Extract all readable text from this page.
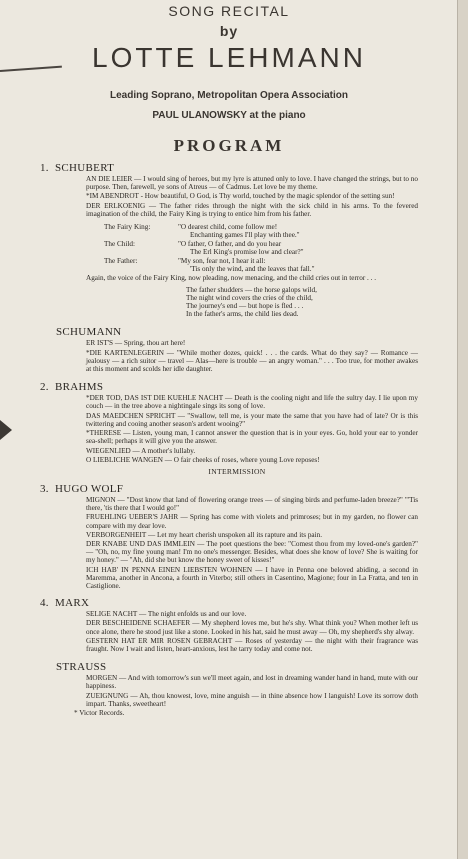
SONG RECITAL
by
LOTTE LEHMANN
Leading Soprano, Metropolitan Opera Association
PAUL ULANOWSKY at the piano
PROGRAM
1. SCHUBERT
AN DIE LEIER — I would sing of heroes, but my lyre is attuned only to love. I have changed the strings, but to no purpose. Then, farewell, ye sons of Atreus — of Cadmus. Let love be my theme.
*IM ABENDROT - How beautiful, O God, is Thy world, touched by the magic splendor of the setting sun!
DER ERLKOENIG — The father rides through the night with the sick child in his arms. To the fevered imagination of the child, the Fairy King is trying to entice him from his father.
The Fairy King:	"O dearest child, come follow me!
Enchanting games I'll play with thee."
The Child:	"O father, O father, and do you hear
The Erl King's promise low and clear?"
The Father:	"My son, fear not, I hear it all:
'Tis only the wind, and the leaves that fall."
Again, the voice of the Fairy King, now pleading, now menacing, and the child cries out in terror . . .
The father shudders — the horse galops wild,
The night wind covers the cries of the child,
The journey's end — but hope is fled . . .
In the father's arms, the child lies dead.
SCHUMANN
ER IST'S — Spring, thou art here!
*DIE KARTENLEGERIN — "While mother dozes, quick! . . . the cards. What do they say? — Romance — jealousy — a rich suitor — travel — Alas—here is trouble — an angry woman." . . . Too true, for mother awakes at this moment and scolds her idle daughter.
2. BRAHMS
*DER TOD, DAS IST DIE KUEHLE NACHT — Death is the cooling night and life the sultry day. I lie upon my couch — in the tree above a nightingale sings its song of love.
DAS MAEDCHEN SPRICHT — "Swallow, tell me, is your mate the same that you have had of late? Or is this twittering and cooing another season's ardent wooing?"
*THERESE — Listen, young man, I cannot answer the question that is in your eyes. Go, hold your ear to yonder sea-shell; perhaps it will give you the answer.
WIEGENLIED — A mother's lullaby.
O LIEBLICHE WANGEN — O fair cheeks of roses, where young Love reposes!
INTERMISSION
3. HUGO WOLF
MIGNON — "Dost know that land of flowering orange trees — of singing birds and perfume-laden breeze?" "'Tis there, 'tis there that I would go!"
FRUEHLING UEBER'S JAHR — Spring has come with violets and primroses; but in my garden, no flower can compare with my dear love.
VERBORGENHEIT — Let my heart cherish unspoken all its rapture and its pain.
DER KNABE UND DAS IMMLEIN — The poet questions the bee: "Comest thou from my loved-one's garden?" — "Oh, no, my fine young man! I'm no one's messenger. Besides, what does she know of love? She is waiting for my honey." — "Ah, did she but know the honey sweet of kisses!"
ICH HAB' IN PENNA EINEN LIEBSTEN WOHNEN — I have in Penna one beloved abiding, a second in Maremma, another in Ancona, a fourth in Viterbo; still others in Casentino, Magione; four in La Fratta, and ten in Castiglione.
4. MARX
SELIGE NACHT — The night enfolds us and our love.
DER BESCHEIDENE SCHAEFER — My shepherd loves me, but he's shy. What think you? When mother left us once alone, there he stood just like a stone. Looked in his hat, said he must away — Oh, my shepherd's shy alway.
GESTERN HAT ER MIR ROSEN GEBRACHT — Roses of yesterday — the night with their fragrance was fraught. Now I wait and listen, heart-anxious, lest he tarry today and come not.
STRAUSS
MORGEN — And with tomorrow's sun we'll meet again, and lost in dreaming wander hand in hand, mute with our happiness.
ZUEIGNUNG — Ah, thou knowest, love, mine anguish — in thine absence how I languish! Love its sorrow doth impart. Thanks, sweetheart!
* Victor Records.
